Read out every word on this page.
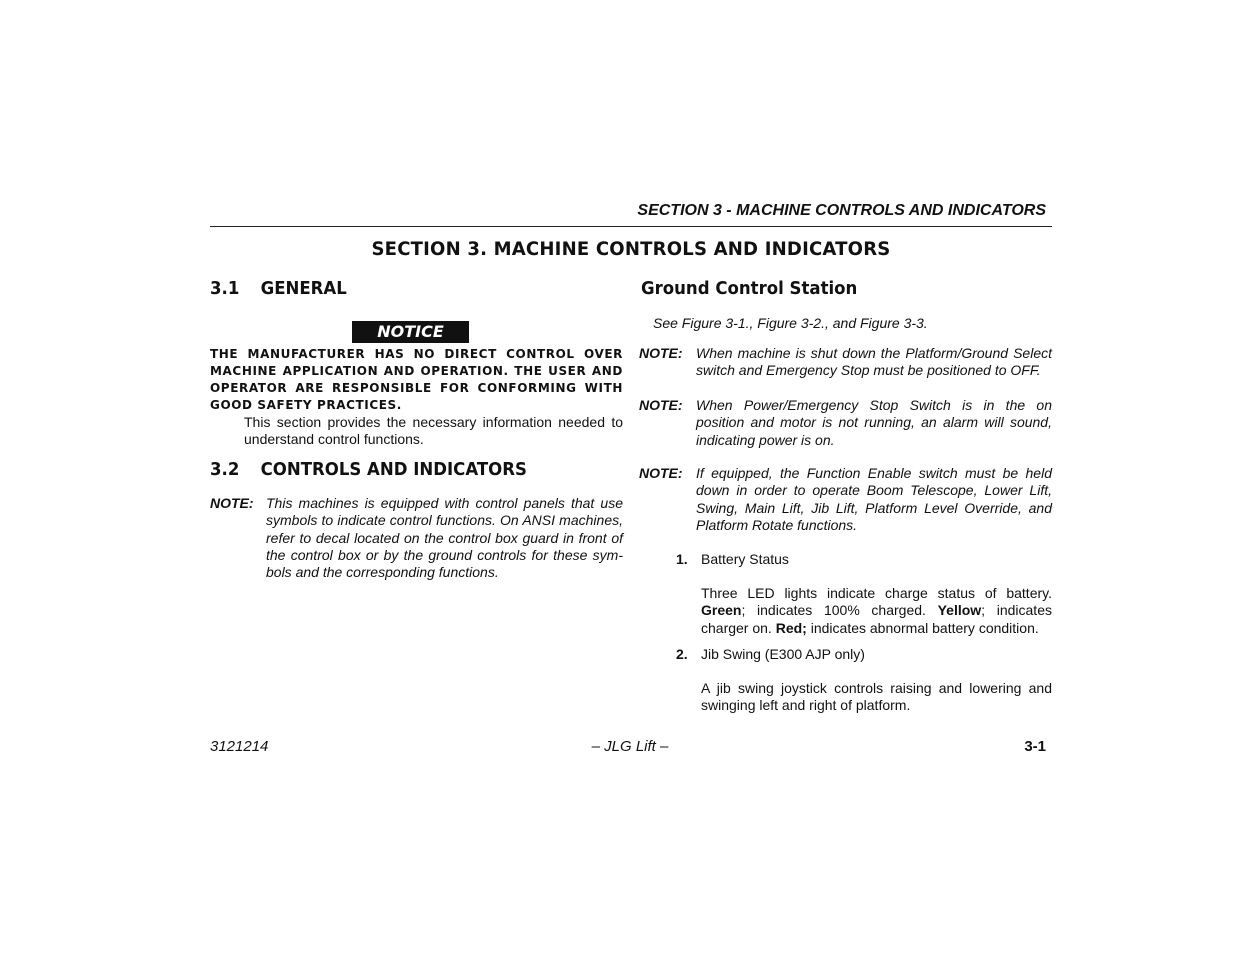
SECTION 3 - MACHINE CONTROLS AND INDICATORS
SECTION 3. MACHINE CONTROLS AND INDICATORS
3.1 GENERAL
NOTICE
THE MANUFACTURER HAS NO DIRECT CONTROL OVER MACHINE APPLICATION AND OPERATION. THE USER AND OPERATOR ARE RESPONSIBLE FOR CONFORMING WITH GOOD SAFETY PRACTICES.
This section provides the necessary information needed to understand control functions.
3.2 CONTROLS AND INDICATORS
NOTE: This machines is equipped with control panels that use symbols to indicate control functions. On ANSI machines, refer to decal located on the control box guard in front of the control box or by the ground controls for these sym-bols and the corresponding functions.
Ground Control Station
See Figure 3-1., Figure 3-2., and Figure 3-3.
NOTE: When machine is shut down the Platform/Ground Select switch and Emergency Stop must be positioned to OFF.
NOTE: When Power/Emergency Stop Switch is in the on position and motor is not running, an alarm will sound, indicating power is on.
NOTE: If equipped, the Function Enable switch must be held down in order to operate Boom Telescope, Lower Lift, Swing, Main Lift, Jib Lift, Platform Level Override, and Platform Rotate functions.
1. Battery Status
Three LED lights indicate charge status of battery. Green; indicates 100% charged. Yellow; indicates charger on. Red; indicates abnormal battery condition.
2. Jib Swing (E300 AJP only)
A jib swing joystick controls raising and lowering and swinging left and right of platform.
3121214	– JLG Lift –	3-1
